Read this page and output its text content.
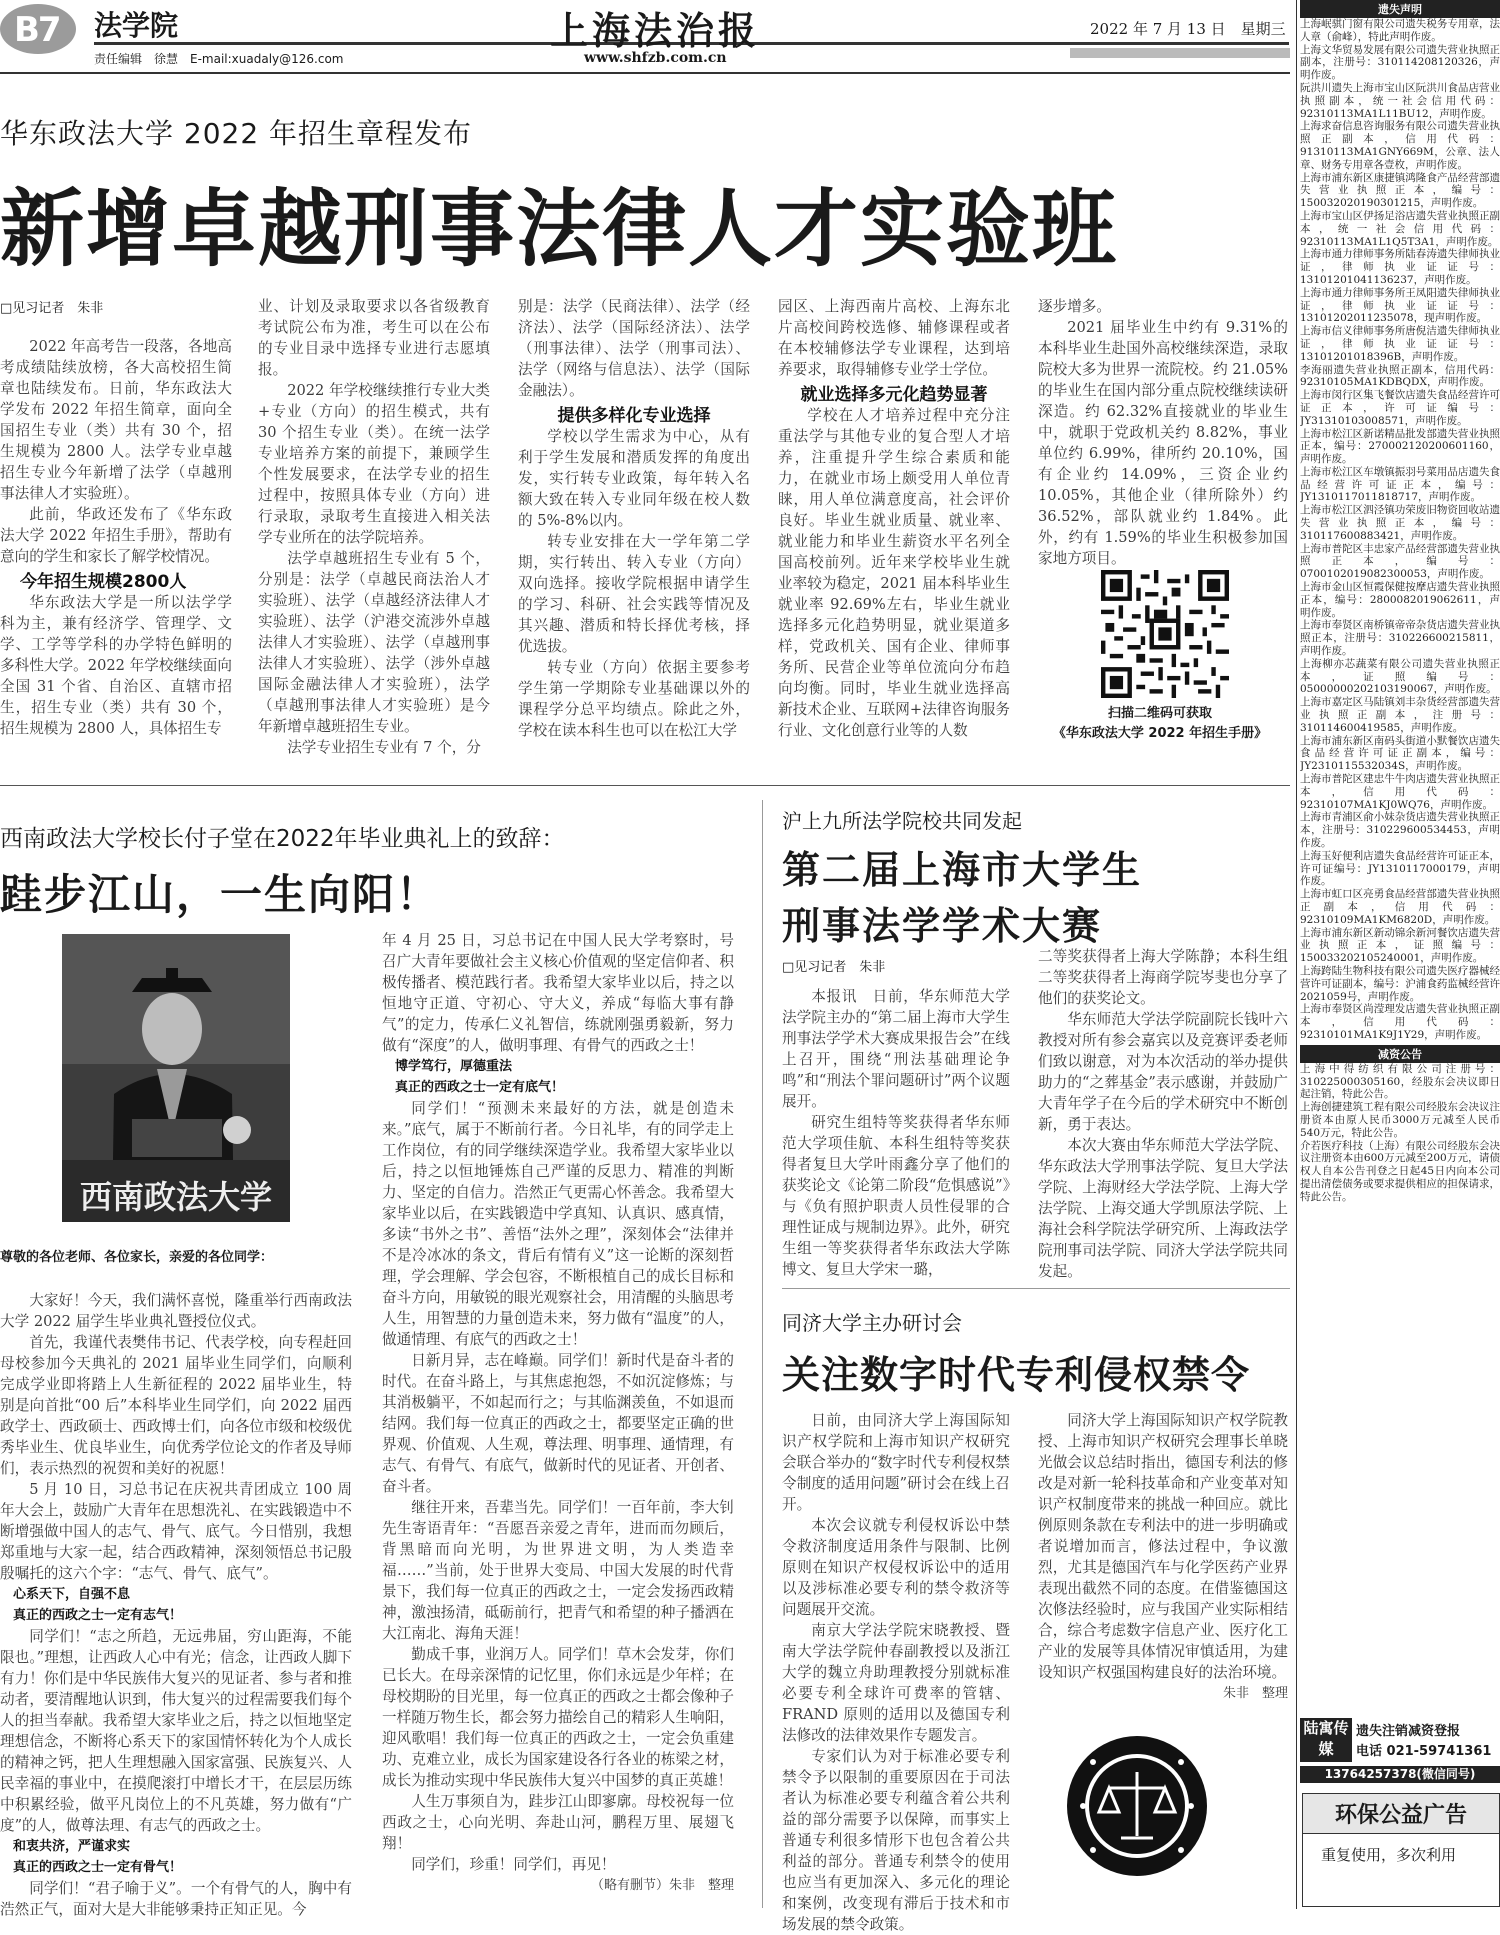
B7 法学院
责任编辑　徐慧　E-mail:xuadaly@126.com
上海法治报
www.shfzb.com.cn
2022 年 7 月 13 日　星期三
华东政法大学 2022 年招生章程发布
新增卓越刑事法律人才实验班
□见习记者　朱非

2022 年高考告一段落，各地高考成绩陆续放榜，各大高校招生简章也陆续发布。日前，华东政法大学发布 2022 年招生简章，面向全国招生专业（类）共有 30 个，招生规模为 2800 人。法学专业卓越招生专业今年新增了法学（卓越刑事法律人才实验班）。

此前，华政还发布了《华东政法大学 2022 年招生手册》，帮助有意向的学生和家长了解学校情况。

今年招生规模2800人

华东政法大学是一所以法学学科为主，兼有经济学、管理学、文学、工学等学科的办学特色鲜明的多科性大学。2022 年学校继续面向全国 31 个省、自治区、直辖市招生，招生专业（类）共有 30 个，招生规模为 2800 人，具体招生专

业、计划及录取要求以各省级教育考试院公布为准，考生可以在公布的专业目录中选择专业进行志愿填报。

2022 年学校继续推行专业大类+专业（方向）的招生模式，共有 30 个招生专业（类）。在统一法学专业培养方案的前提下，兼顾学生个性发展要求，在法学专业的招生过程中，按照具体专业（方向）进行录取，录取考生直接进入相关法学专业所在的法学院培养。

法学卓越班招生专业有 5 个，分别是：法学（卓越民商法治人才实验班）、法学（卓越经济法律人才实验班）、法学（沪港交流涉外卓越法律人才实验班）、法学（卓越刑事法律人才实验班）、法学（涉外卓越国际金融法律人才实验班），法学（卓越刑事法律人才实验班）是今年新增卓越班招生专业。

法学专业招生专业有 7 个，分

别是：法学（民商法律）、法学（经济法）、法学（国际经济法）、法学（刑事法律）、法学（刑事司法）、法学（网络与信息法）、法学（国际金融法）。

提供多样化专业选择

学校以学生需求为中心，从有利于学生发展和潜质发挥的角度出发，实行转专业政策，每年转入名额大致在转入专业同年级在校人数的 5%-8%以内。

转专业安排在大一学年第二学期，实行转出、转入专业（方向）双向选择。接收学院根据申请学生的学习、科研、社会实践等情况及其兴趣、潜质和特长择优考核，择优选拔。

转专业（方向）依据主要参考学生第一学期除专业基础课以外的课程学分总平均绩点。除此之外，学校在读本科生也可以在松江大学

园区、上海西南片高校、上海东北片高校间跨校选修、辅修课程或者在本校辅修法学专业课程，达到培养要求，取得辅修专业学士学位。

就业选择多元化趋势显著

学校在人才培养过程中充分注重法学与其他专业的复合型人才培养，注重提升学生综合素质和能力，在就业市场上颇受用人单位青睐，用人单位满意度高，社会评价良好。毕业生就业质量、就业率、就业能力和毕业生薪资水平名列全国高校前列。近年来学校毕业生就业率较为稳定，2021 届本科毕业生就业率 92.69%左右，毕业生就业选择多元化趋势明显，就业渠道多样，党政机关、国有企业、律师事务所、民营企业等单位流向分布趋向均衡。同时，毕业生就业选择高新技术企业、互联网+法律咨询服务行业、文化创意行业等的人数

逐步增多。

2021 届毕业生中约有 9.31%的本科毕业生赴国外高校继续深造，录取院校大多为世界一流院校。约 21.05%的毕业生在国内部分重点院校继续读研深造。约 62.32%直接就业的毕业生中，就职于党政机关约 8.82%，事业单位约 6.99%，律所约 20.10%，国有企业约 14.09%，三资企业约 10.05%，其他企业（律所除外）约 36.52%，部队就业约 1.84%。此外，约有 1.59%的毕业生积极参加国家地方项目。

扫描二维码可获取
《华东政法大学 2022 年招生手册》
西南政法大学校长付子堂在2022年毕业典礼上的致辞：
跬步江山，一生向阳！
西南政法大学
尊敬的各位老师、各位家长，亲爱的各位同学：

大家好！今天，我们满怀喜悦，隆重举行西南政法大学 2022 届学生毕业典礼暨授位仪式。

首先，我谨代表樊伟书记、代表学校，向专程赶回母校参加今天典礼的 2021 届毕业生同学们，向顺利完成学业即将踏上人生新征程的 2022 届毕业生，特别是向首批“00 后”本科毕业生同学们，向 2022 届西政学士、西政硕士、西政博士们，向各位市级和校级优秀毕业生、优良毕业生，向优秀学位论文的作者及导师们，表示热烈的祝贺和美好的祝愿！

5 月 10 日，习总书记在庆祝共青团成立 100 周年大会上，鼓励广大青年在思想洗礼、在实践锻造中不断增强做中国人的志气、骨气、底气。今日惜别，我想郑重地与大家一起，结合西政精神，深刻领悟总书记殷殷嘱托的这六个字：“志气、骨气、底气”。

心系天下，自强不息

真正的西政之士一定有志气！

同学们！“志之所趋，无远弗届，穷山距海，不能限也。”理想，让西政人心中有光；信念，让西政人脚下有力！你们是中华民族伟大复兴的见证者、参与者和推动者，要清醒地认识到，伟大复兴的过程需要我们每个人的担当奉献。我希望大家毕业之后，持之以恒地坚定理想信念，不断将心系天下的家国情怀转化为个人成长的精神之钙，把人生理想融入国家富强、民族复兴、人民幸福的事业中，在摸爬滚打中增长才干，在层层历练中积累经验，做平凡岗位上的不凡英雄，努力做有“广度”的人，做尊法理、有志气的西政之士。

和衷共济，严谨求实

真正的西政之士一定有骨气！

同学们！“君子喻于义”。一个有骨气的人，胸中有浩然正气，面对大是大非能够秉持正知正见。今

年 4 月 25 日，习总书记在中国人民大学考察时，号召广大青年要做社会主义核心价值观的坚定信仰者、积极传播者、模范践行者。我希望大家毕业以后，持之以恒地守正道、守初心、守大义，养成“每临大事有静气”的定力，传承仁义礼智信，练就刚强勇毅新，努力做有“深度”的人，做明事理、有骨气的西政之士！

博学笃行，厚德重法

真正的西政之士一定有底气！

同学们！“预测未来最好的方法，就是创造未来。”底气，属于不断前行者。今日礼毕，有的同学走上工作岗位，有的同学继续深造学业。我希望大家毕业以后，持之以恒地锤炼自己严谨的反思力、精准的判断力、坚定的自信力。浩然正气更需心怀善念。我希望大家毕业以后，在实践锻造中学真知、认真识、感真情，多读“书外之书”、善悟“法外之理”，深刻体会“法律并不是冷冰冰的条文，背后有情有义”这一论断的深刻哲理，学会理解、学会包容，不断根植自己的成长目标和奋斗方向，用敏锐的眼光观察社会，用清醒的头脑思考人生，用智慧的力量创造未来，努力做有“温度”的人，做通情理、有底气的西政之士！

日新月异，志在峰巅。同学们！新时代是奋斗者的时代。在奋斗路上，与其焦虑抱怨，不如沉淀修炼；与其消极躺平，不如起而行之；与其临渊羡鱼，不如退而结网。我们每一位真正的西政之士，都要坚定正确的世界观、价值观、人生观，尊法理、明事理、通情理，有志气、有骨气、有底气，做新时代的见证者、开创者、奋斗者。

继往开来，吾辈当先。同学们！一百年前，李大钊先生寄语青年：“吾愿吾亲爱之青年，进而而勿顾后，背黑暗而向光明，为世界进文明，为人类造幸福……”当前，处于世界大变局、中国大发展的时代背景下，我们每一位真正的西政之士，一定会发扬西政精神，激浊扬清，砥砺前行，把青气和希望的种子播洒在大江南北、海角天涯！

勤成千事，业润万人。同学们！草木会发芽，你们已长大。在母亲深情的记忆里，你们永远是少年样；在母校期盼的目光里，每一位真正的西政之士都会像种子一样随万物生长，都会努力描绘自己的精彩人生响阳，迎风歌唱！我们每一位真正的西政之士，一定会负重建功、克难立业，成长为国家建设各行各业的栋梁之材，成长为推动实现中华民族伟大复兴中国梦的真正英雄！

人生万事须自为，跬步江山即寥廓。母校祝每一位西政之士，心向光明、奔赴山河，鹏程万里、展翅飞翔！

同学们，珍重！同学们，再见！

（略有删节）朱非　整理

沪上九所法学院校共同发起
第二届上海市大学生
刑事法学学术大赛
□见习记者　朱非

本报讯　日前，华东师范大学法学院主办的“第二届上海市大学生刑事法学学术大赛成果报告会”在线上召开，围绕“刑法基础理论争鸣”和“刑法个罪问题研讨”两个议题展开。

研究生组特等奖获得者华东师范大学项佳航、本科生组特等奖获得者复旦大学叶雨鑫分享了他们的获奖论文《论第二阶段“危惧感说”》与《负有照护职责人员性侵罪的合理性证成与规制边界》。此外，研究生组一等奖获得者华东政法大学陈博文、复旦大学宋一璐，

二等奖获得者上海大学陈静；本科生组二等奖获得者上海商学院岑斐也分享了他们的获奖论文。

华东师范大学法学院副院长钱叶六教授对所有参会嘉宾以及竞赛评委老师们致以谢意，对为本次活动的举办提供助力的“之葬基金”表示感谢，并鼓励广大青年学子在今后的学术研究中不断创新，勇于表达。

本次大赛由华东师范大学法学院、华东政法大学刑事法学院、复旦大学法学院、上海财经大学法学院、上海大学法学院、上海交通大学凯原法学院、上海社会科学院法学研究所、上海政法学院刑事司法学院、同济大学法学院共同发起。

同济大学主办研讨会
关注数字时代专利侵权禁令

日前，由同济大学上海国际知识产权学院和上海市知识产权研究会联合举办的“数字时代专利侵权禁令制度的适用问题”研讨会在线上召开。

本次会议就专利侵权诉讼中禁令救济制度适用条件与限制、比例原则在知识产权侵权诉讼中的适用以及涉标准必要专利的禁令救济等问题展开交流。

南京大学法学院宋晓教授、暨南大学法学院仲春副教授以及浙江大学的魏立舟助理教授分别就标准必要专利全球许可费率的管辖、FRAND 原则的适用以及德国专利法修改的法律效果作专题发言。

专家们认为对于标准必要专利禁令予以限制的重要原因在于司法者认为标准必要专利蕴含着公共利益的部分需要予以保障，而事实上普通专利很多情形下也包含着公共利益的部分。普通专利禁令的使用也应当有更加深入、多元化的理论和案例，改变现有滞后于技术和市场发展的禁令政策。

同济大学上海国际知识产权学院教授、上海市知识产权研究会理事长单晓光做会议总结时指出，德国专利法的修改是对新一轮科技革命和产业变革对知识产权制度带来的挑战一种回应。就比例原则条款在专利法中的进一步明确或者说增加而言，修法过程中，争议激烈，尤其是德国汽车与化学医药产业界表现出截然不同的态度。在借鉴德国这次修法经验时，应与我国产业实际相结合，综合考虑数字信息产业、医疗化工产业的发展等具体情况审慎适用，为建设知识产权强国构建良好的法治环境。

朱非　整理

遗失声明

上海岷骐门窗有限公司遗失税务专用章，法人章（俞峰），特此声明作废。

上海文华贸易发展有限公司遗失营业执照正副本，注册号：310114208120326，声明作废。

阮洪川遗失上海市宝山区阮洪川食品店营业执照副本，统一社会信用代码：92310113MA1L11BU12，声明作废。

上海求奋信息咨询服务有限公司遗失营业执照正副本，信用代码：91310113MA1GNY669M，公章、法人章、财务专用章各壹枚，声明作废。

上海市浦东新区康捷镇鸿隆食产品经营部遗失营业执照正本，编号：150032020190301215，声明作废。

上海市宝山区伊扬足浴店遗失营业执照正副本，统一社会信用代码：92310113MA1L1Q5T3A1，声明作废。

上海市通力律师事务所陆春涛遗失律师执业证，律师执业证证号：13101201041136237，声明作废。

上海市通力律师事务所王凤阳遗失律师执业证，律师执业证证号：13101202011235078，现声明作废。

上海市信义律师事务所唐倪洁遗失律师执业证，律师执业证证号：13101201018396B，声明作废。

李海丽遗失营业执照正副本，信用代码：92310105MA1KDBQDX，声明作废。

上海市闵行区集飞餐饮店遗失食品经营许可证正本，许可证编号：JY31310103008571，声明作废。

上海市松江区新诺精品批发部遗失营业执照正本，编号：270002120200601160，声明作废。

上海市松江区车墩镇振羽号菜用品店遗失食品经营许可证正本，编号：JY1310117011818717，声明作废。

上海市松江区泗泾镇功荣废旧物资回收站遗失营业执照正本，编号：310117600883421，声明作废。

上海市普陀区丰忠家产品经营部遗失营业执照正本，编号：0700102019082300053，声明作废。

上海市金山区恒霞保健按摩店遗失营业执照正本，编号：2800082019062611，声明作废。

上海市奉贤区南桥镇帝帝杂货店遗失营业执照正本，注册号：310226600215811，声明作废。

上海柳亦芯蔬菜有限公司遗失营业执照正本，证照编号：05000000202103190067，声明作废。

上海市嘉定区马陆镇刘丰杂货经营部遗失营业执照正副本，注册号：310114600419585，声明作废。

上海市浦东新区南码头街道小默餐饮店遗失食品经营许可证正副本，编号：JY2310115532034S，声明作废。

上海市普陀区建忠牛牛肉店遗失营业执照正本，信用代码：92310107MA1KJ0WQ76，声明作废。

上海市青浦区俞小妹杂货店遗失营业执照正本，注册号：310229600534453，声明作废。

上海玉好便利店遗失食品经营许可证正本，许可证编号：JY1310117000179，声明作废。

上海市虹口区亮勇食品经营部遗失营业执照正副本，信用代码：92310109MA1KM6820D，声明作废。

上海市浦东新区新动锦余新河餐饮店遗失营业执照正本，证照编号：150033202105240001，声明作废。

上海跨陆生物科技有限公司遗失医疗器械经营许可证副本，编号：沪浦食药监械经营许2021059号，声明作废。

上海市奉贤区尚滢理发店遗失营业执照正副本，信用代码：92310101MA1K9J1Y29，声明作废。

减资公告

上海中得纺织有限公司注册号：310225000305160，经股东会决议即日起注销，特此公告。

上海创捷建筑工程有限公司经股东会决议注册资本由原人民币3000万元减至人民币540万元，特此公告。

介若医疗科技（上海）有限公司经股东会决议注册资本由600万元减至200万元，请债权人自本公告刊登之日起45日内向本公司提出清偿债务或要求提供相应的担保请求，特此公告。

陆寓传媒
遗失注销减资登报
电话 021-59741361
13764257378(微信同号)
环保公益广告
重复使用，多次利用
